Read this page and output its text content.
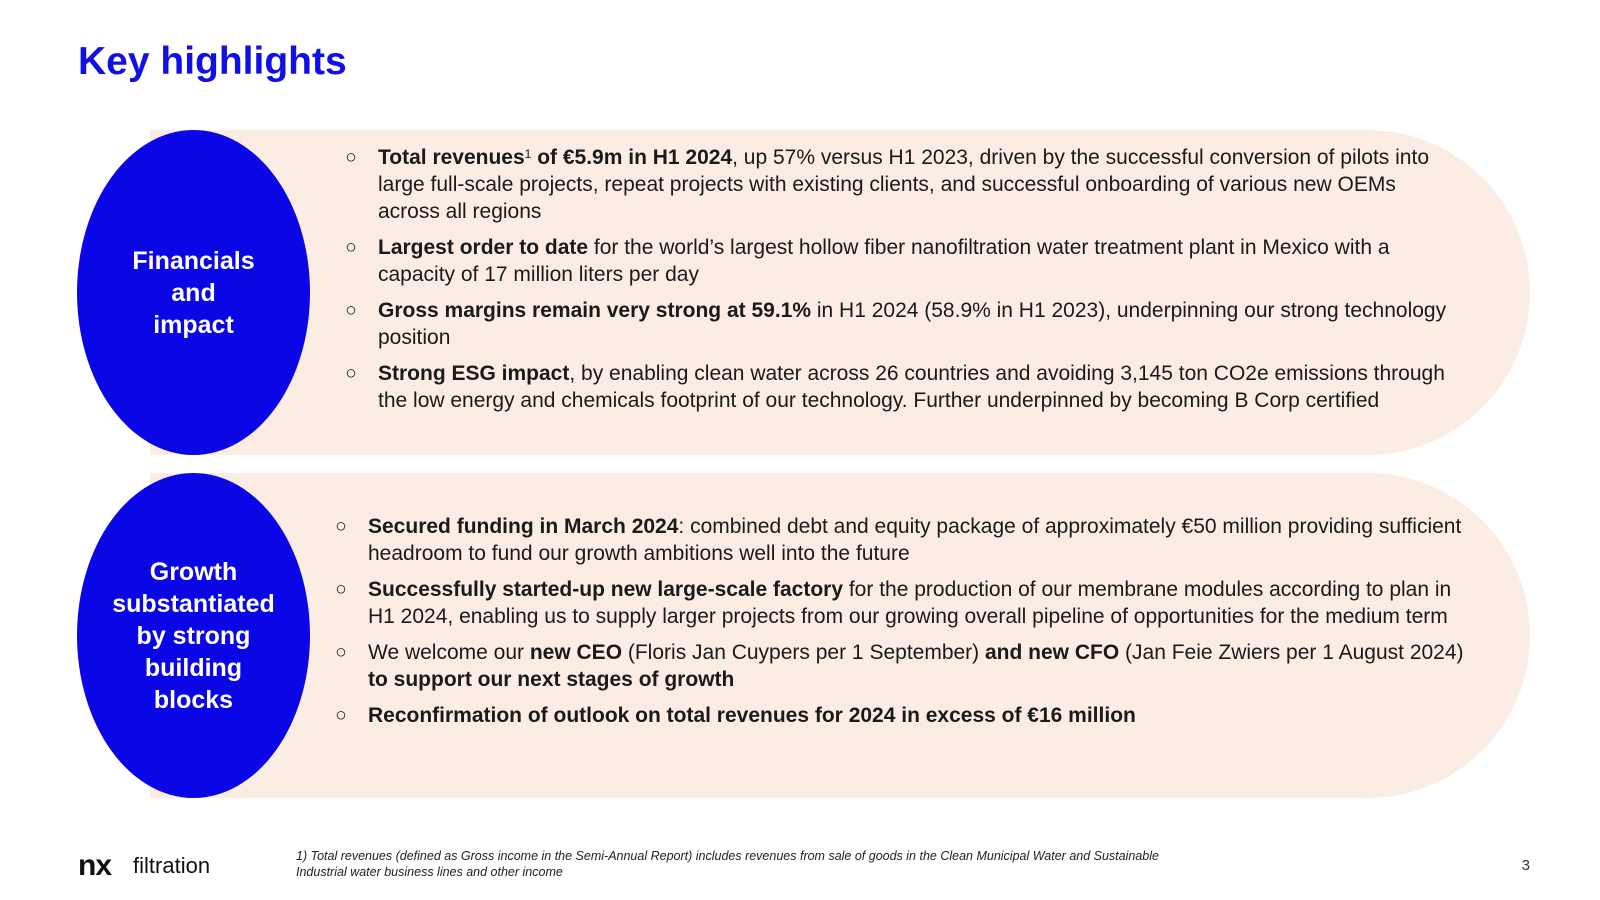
Key highlights
Financials
and
impact
○ Total revenues$^1$ of €5.9m in H1 2024, up 57% versus H1 2023, driven by the successful conversion of pilots into large full-scale projects, repeat projects with existing clients, and successful onboarding of various new OEMs across all regions
○ Largest order to date for the world’s largest hollow fiber nanofiltration water treatment plant in Mexico with a capacity of 17 million liters per day
○ Gross margins remain very strong at 59.1% in H1 2024 (58.9% in H1 2023), underpinning our strong technology position
○ Strong ESG impact, by enabling clean water across 26 countries and avoiding 3,145 ton CO2e emissions through the low energy and chemicals footprint of our technology. Further underpinned by becoming B Corp certified
Growth
substantiated
by strong
building
blocks
○ Secured funding in March 2024: combined debt and equity package of approximately €50 million providing sufficient headroom to fund our growth ambitions well into the future
○ Successfully started-up new large-scale factory for the production of our membrane modules according to plan in H1 2024, enabling us to supply larger projects from our growing overall pipeline of opportunities for the medium term
○ We welcome our new CEO (Floris Jan Cuypers per 1 September) and new CFO (Jan Feie Zwiers per 1 August 2024) to support our next stages of growth
○ Reconfirmation of outlook on total revenues for 2024 in excess of €16 million
nx filtration	1) Total revenues (defined as Gross income in the Semi-Annual Report) includes revenues from sale of goods in the Clean Municipal Water and Sustainable Industrial water business lines and other income	3
